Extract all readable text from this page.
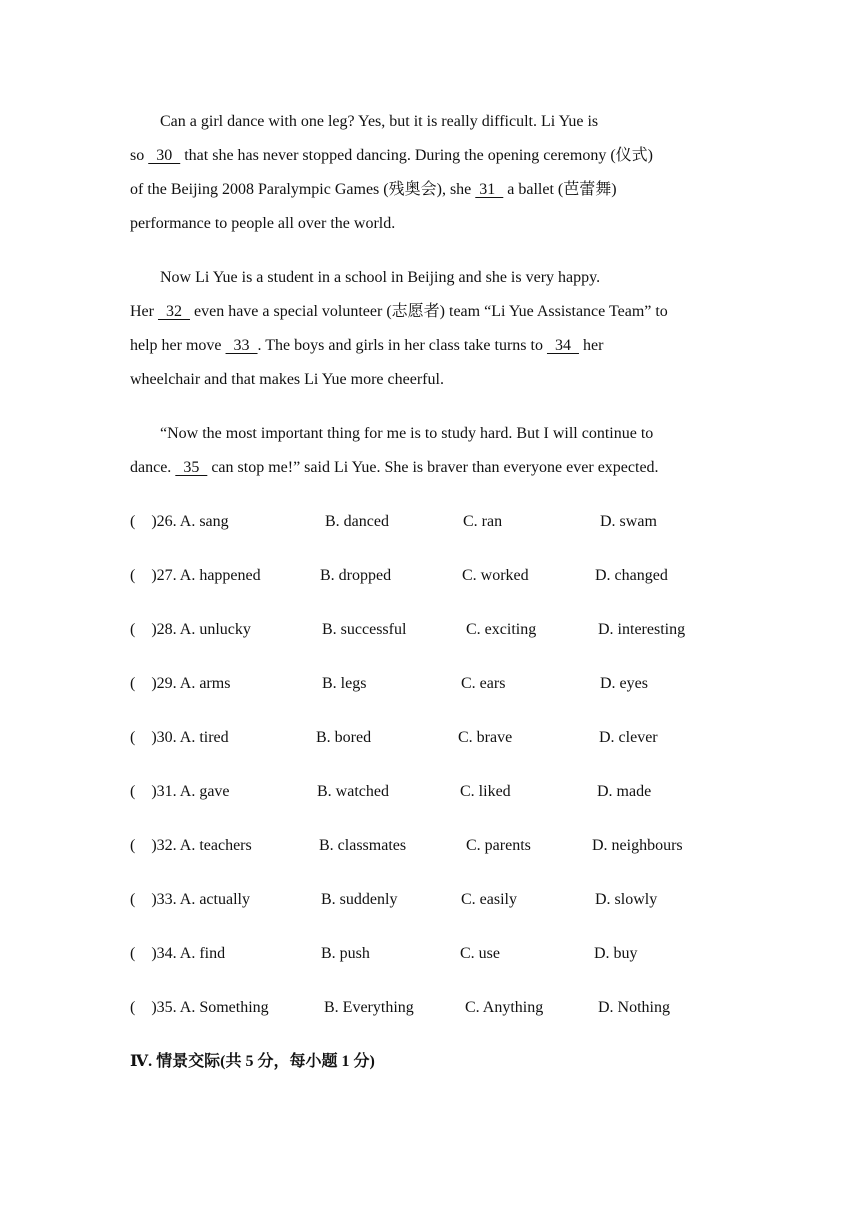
Can a girl dance with one leg? Yes, but it is really difficult. Li Yue is
so   30   that she has never stopped dancing. During the opening ceremony (仪式)
of the Beijing 2008 Paralympic Games (残奥会), she  31   a ballet (芭蕾舞)
performance to people all over the world.
Now Li Yue is a student in a school in Beijing and she is very happy.
Her   32   even have a special volunteer (志愿者) team “Li Yue Assistance Team” to
help her move   33  . The boys and girls in her class take turns to   34   her
wheelchair and that makes Li Yue more cheerful.
“Now the most important thing for me is to study hard. But I will continue to
dance.   35   can stop me!” said Li Yue. She is braver than everyone ever expected.
(    )26. A. sang	B. danced	C. ran	D. swam
(    )27. A. happened	B. dropped	C. worked	D. changed
(    )28. A. unlucky	B. successful	C. exciting	D. interesting
(    )29. A. arms	B. legs	C. ears	D. eyes
(    )30. A. tired	B. bored	C. brave	D. clever
(    )31. A. gave	B. watched	C. liked	D. made
(    )32. A. teachers	B. classmates	C. parents	D. neighbours
(    )33. A. actually	B. suddenly	C. easily	D. slowly
(    )34. A. find	B. push	C. use	D. buy
(    )35. A. Something	B. Everything	C. Anything	D. Nothing
Ⅳ. 情景交际(共 5 分，每小题 1 分)
